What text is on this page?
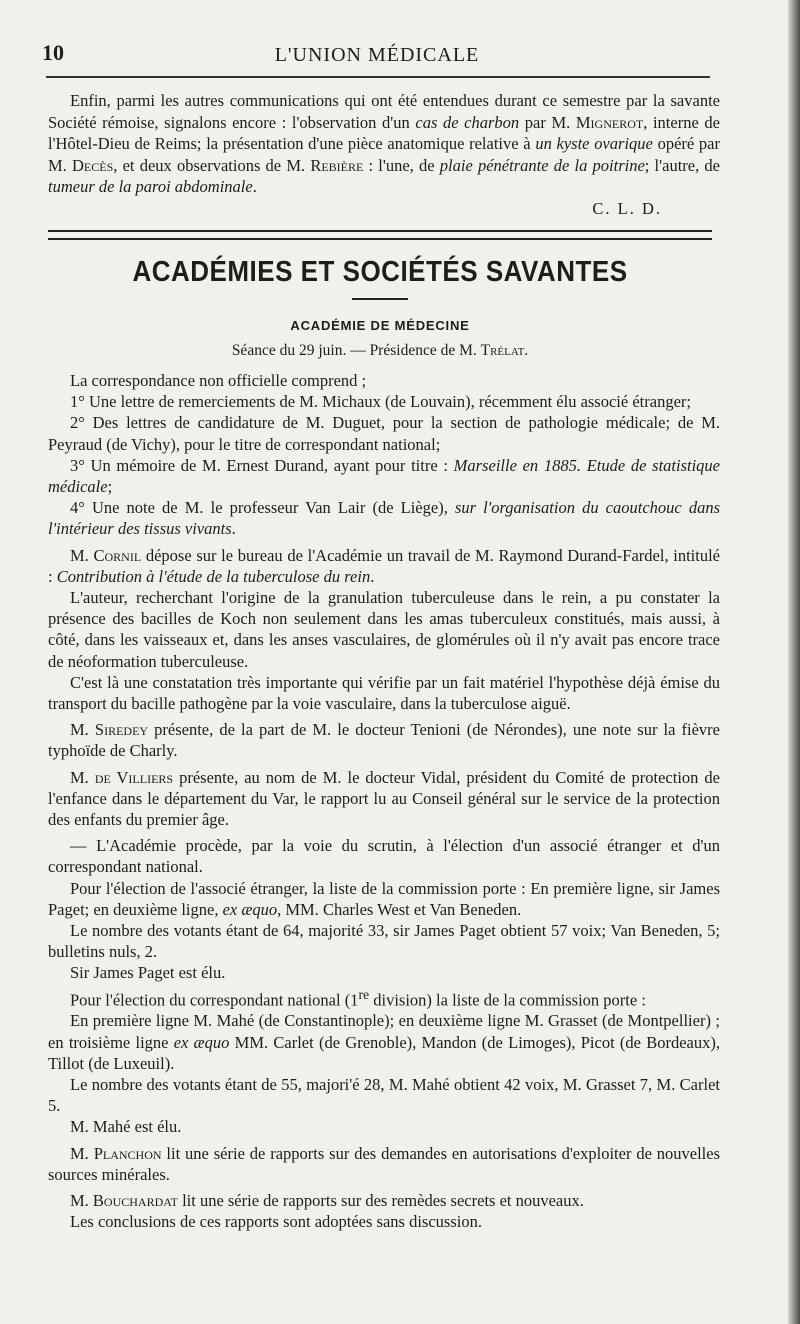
10	L'UNION MÉDICALE

Enfin, parmi les autres communications qui ont été entendues durant ce semestre par la savante Société rémoise, signalons encore : l'observation d'un cas de charbon par M. Mignerot, interne de l'Hôtel-Dieu de Reims; la présentation d'une pièce anatomique relative à un kyste ovarique opéré par M. Decès, et deux observations de M. Rebière : l'une, de plaie pénétrante de la poitrine; l'autre, de tumeur de la paroi abdominale.

C. L. D.

ACADÉMIES ET SOCIÉTÉS SAVANTES
ACADÉMIE DE MÉDECINE
Séance du 29 juin. — Présidence de M. Trélat.

La correspondance non officielle comprend ;

1° Une lettre de remerciements de M. Michaux (de Louvain), récemment élu associé étranger;

2° Des lettres de candidature de M. Duguet, pour la section de pathologie médicale; de M. Peyraud (de Vichy), pour le titre de correspondant national;

3° Un mémoire de M. Ernest Durand, ayant pour titre : Marseille en 1885. Etude de statistique médicale;

4° Une note de M. le professeur Van Lair (de Liège), sur l'organisation du caoutchouc dans l'intérieur des tissus vivants.

M. Cornil dépose sur le bureau de l'Académie un travail de M. Raymond Durand-Fardel, intitulé : Contribution à l'étude de la tuberculose du rein.

L'auteur, recherchant l'origine de la granulation tuberculeuse dans le rein, a pu constater la présence des bacilles de Koch non seulement dans les amas tuberculeux constitués, mais aussi, à côté, dans les vaisseaux et, dans les anses vasculaires, de glomérules où il n'y avait pas encore trace de néoformation tuberculeuse.

C'est là une constatation très importante qui vérifie par un fait matériel l'hypothèse déjà émise du transport du bacille pathogène par la voie vasculaire, dans la tuberculose aiguë.

M. Siredey présente, de la part de M. le docteur Tenioni (de Nérondes), une note sur la fièvre typhoïde de Charly.

M. de Villiers présente, au nom de M. le docteur Vidal, président du Comité de protection de l'enfance dans le département du Var, le rapport lu au Conseil général sur le service de la protection des enfants du premier âge.

— L'Académie procède, par la voie du scrutin, à l'élection d'un associé étranger et d'un correspondant national.

Pour l'élection de l'associé étranger, la liste de la commission porte : En première ligne, sir James Paget; en deuxième ligne, ex æquo, MM. Charles West et Van Beneden.

Le nombre des votants étant de 64, majorité 33, sir James Paget obtient 57 voix; Van Beneden, 5; bulletins nuls, 2.

Sir James Paget est élu.

Pour l'élection du correspondant national (1re division) la liste de la commission porte :

En première ligne M. Mahé (de Constantinople); en deuxième ligne M. Grasset (de Montpellier) ; en troisième ligne ex æquo MM. Carlet (de Grenoble), Mandon (de Limoges), Picot (de Bordeaux), Tillot (de Luxeuil).

Le nombre des votants étant de 55, majori'é 28, M. Mahé obtient 42 voix, M. Grasset 7, M. Carlet 5.

M. Mahé est élu.

M. Planchon lit une série de rapports sur des demandes en autorisations d'exploiter de nouvelles sources minérales.

M. Bouchardat lit une série de rapports sur des remèdes secrets et nouveaux.

Les conclusions de ces rapports sont adoptées sans discussion.
